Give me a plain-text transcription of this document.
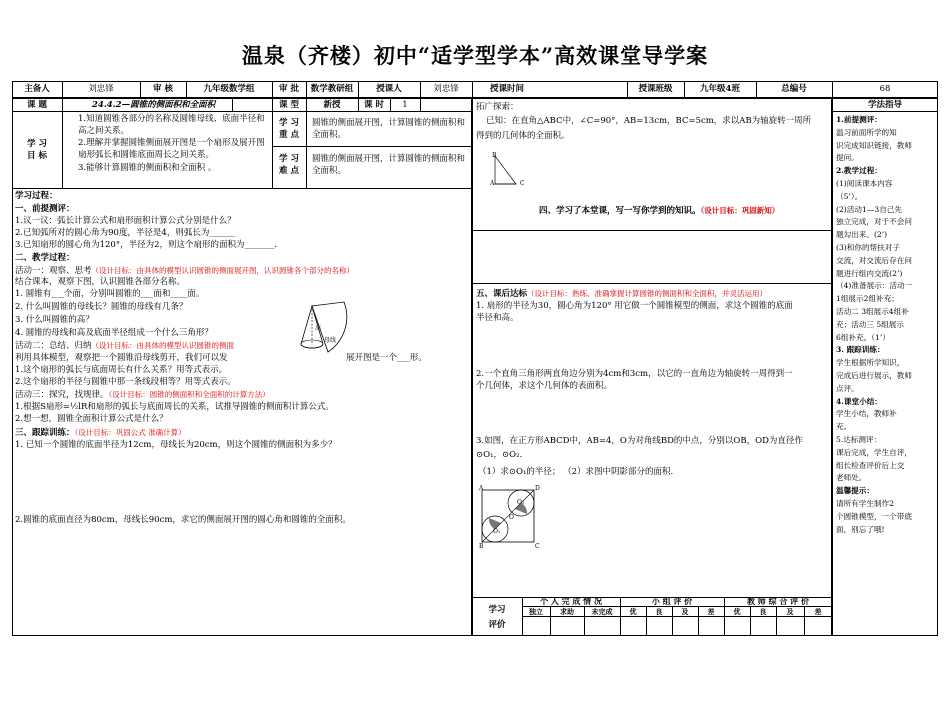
温泉（齐楼）初中“适学型学本”高效课堂导学案
主备人	刘忠锋	审 核	九年级数学组	审 批	数学教研组	授课人	刘忠锋	授课时间	授课班级	九年级4班	总编号	68
课 题	24.4.2—圆锥的侧面积和全面积	课 型	新授	课 时	1
学 习
目 标
1.知道圆锥各部分的名称及圆锥母线、底面半径和高之间关系。
2.理解并掌握圆锥侧面展开图是一个扇形及展开图扇形弧长和圆锥底面周长之间关系。
3.能够计算圆锥的侧面积和全面积 。
学 习
重 点
圆锥的侧面展开图，计算圆锥的侧面积和全面积。
学 习
难 点
圆锥的侧面展开图，计算圆锥的侧面积和全面积。
学习过程：
一、前提测评：
1.议一议：弧长计算公式和扇形面积计算公式分别是什么？
2.已知弧所对的圆心角为90度，半径是4，则弧长为______
3.已知扇形的圆心角为120°，半径为2，则这个扇形的面积为_______.
二、教学过程：
活动一：观察、思考（设计目标：由具体的模型认识圆锥的侧面展开图，认识圆锥各个部分的名称）
结合课本，观察下图，认识圆锥各部分名称。
1. 圆锥有___个面，分别叫圆锥的___面和____面。
2. 什么叫圆锥的母线长？圆锥的母线有几条？
3. 什么叫圆锥的高？
4. 圆锥的母线和高及底面半径组成一个什么三角形？
活动二：总结、归纳（设计目标：由具体的模型认识圆锥的侧面
利用具体模型，观察把一个圆锥沿母线剪开，我们可以发	展开图是一个___形。
1.这个扇形的弧长与底面周长有什么关系？用等式表示。
2.这个扇形的半径与圆锥中那一条线段相等？用等式表示。
活动三：探究，找规律。（设计目标：圆锥的侧面积和全面积的计算方法）
1.根据S扇形=½lR和扇形的弧长与底面周长的关系，试推导圆锥的侧面积计算公式。
2.想一想，圆锥全面积计算公式是什么？
三、跟踪训练：（设计目标：巩固公式 准确计算）
1. 已知一个圆锥的底面半径为12cm，母线长为20cm，则这个圆锥的侧面积为多少？
2.圆锥的底面直径为80cm，母线长90cm，求它的侧面展开图的圆心角和圆锥的全面积。
母线
高
拓广探索：
已知：在直角△ABC中，∠C=90°，AB=13cm，BC=5cm，求以AB为轴旋转一周所
得到的几何体的全面积。
B
A	C
四、学习了本堂课，写一写你学到的知识。（设计目标：巩固新知）
五、课后达标（设计目标：熟练、准确掌握计算圆锥的侧面积和全面积，并灵活运用）
1. 扇形的半径为30，圆心角为120° 用它做一个圆锥模型的侧面，求这个圆锥的底面
半径和高。
2.一个直角三角形两直角边分别为4cm和3cm，以它的一直角边为轴旋转一周得到一
个几何体，求这个几何体的表面积。
3.如图，在正方形ABCD中，AB=4，O为对角线BD的中点，分别以OB，OD为直径作
⊙O₁，⊙O₂.
（1）求⊙O₁的半径； （2）求图中阴影部分的面积.
A	D
O₂
O
O₁
B	C
学习
评价
个 人 完 成 情 况	小 组 评 价	教 师 综 合 评 价
独立	求助	未完成	优	良	及	差	优	良	及	差
学法指导
1.前提测评：
温习前面所学的知
识完成知识链接，教师
提问。
2.教学过程：
(1)阅读课本内容
（5’）。
(2)活动1—3自己先
独立完成，对于不会问
题勾出来。(2’)
(3)和你的帮扶对子
交流，对交流后存在问
题进行组内交流(2’)
（4)准备展示：活动一
1组展示2组补充；
活动二 3组展示4组补
充；活动三 5组展示
6组补充。（1’）
3. 跟踪训练：
学生根据所学知识，
完成后进行展示，教师
点评。
4.课堂小结：
学生小结，教师补
充。
5.达标测评：
课后完成，学生自评，
组长检查评价后上交
老师处。
温馨提示：
请所有学生制作2
个圆锥模型，一个带底
面，别忘了哦!
